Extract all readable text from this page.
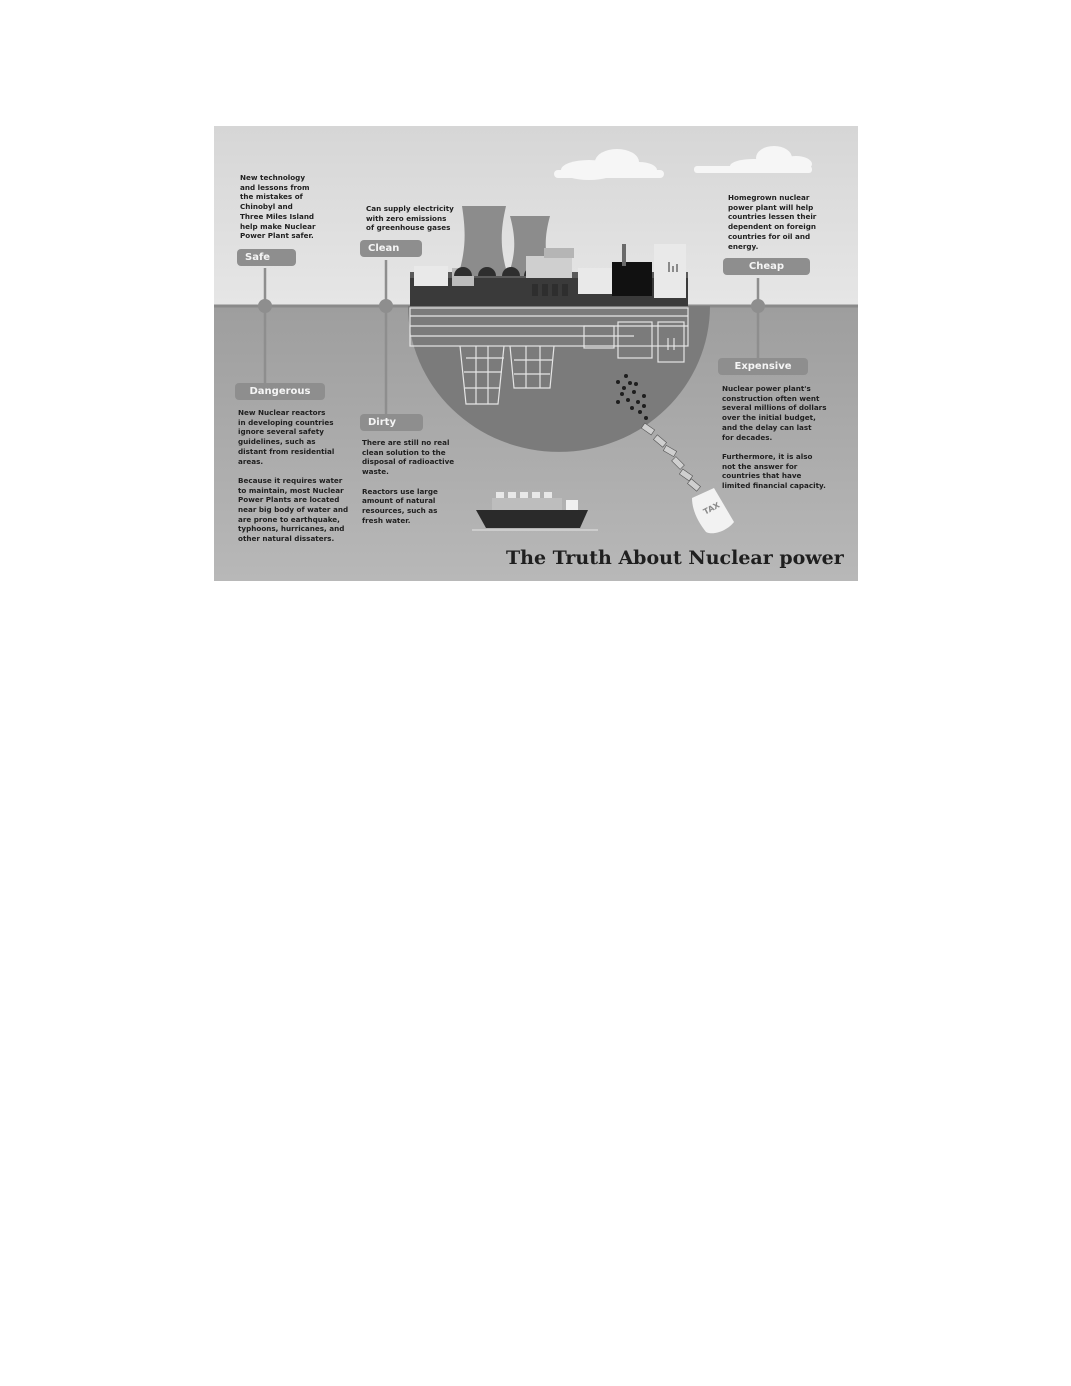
New technology
and lessons from
the mistakes of
Chinobyl and
Three Miles Island
help make Nuclear
Power Plant safer.

Safe

Can supply electricity
with zero emissions
of greenhouse gases

Clean

Homegrown nuclear
power plant will help
countries lessen their
dependent on foreign
countries for oil and
energy.

Cheap
Dangerous

New Nuclear reactors
in developing countries
ignore several safety
guidelines, such as
distant from residential
areas.

Because it requires water
to maintain, most Nuclear
Power Plants are located
near big body of water and
are prone to earthquake,
typhoons, hurricanes, and
other natural dissaters.

Dirty

There are still no real
clean solution to the
disposal of radioactive
waste.

Reactors use large
amount of natural
resources, such as
fresh water.

Expensive

Nuclear power plant's
construction often went
several millions of dollars
over the initial budget,
and the delay can last
for decades.

Furthermore, it is also
not the answer for
countries that have
limited financial capacity.

TAX
The Truth About Nuclear power
